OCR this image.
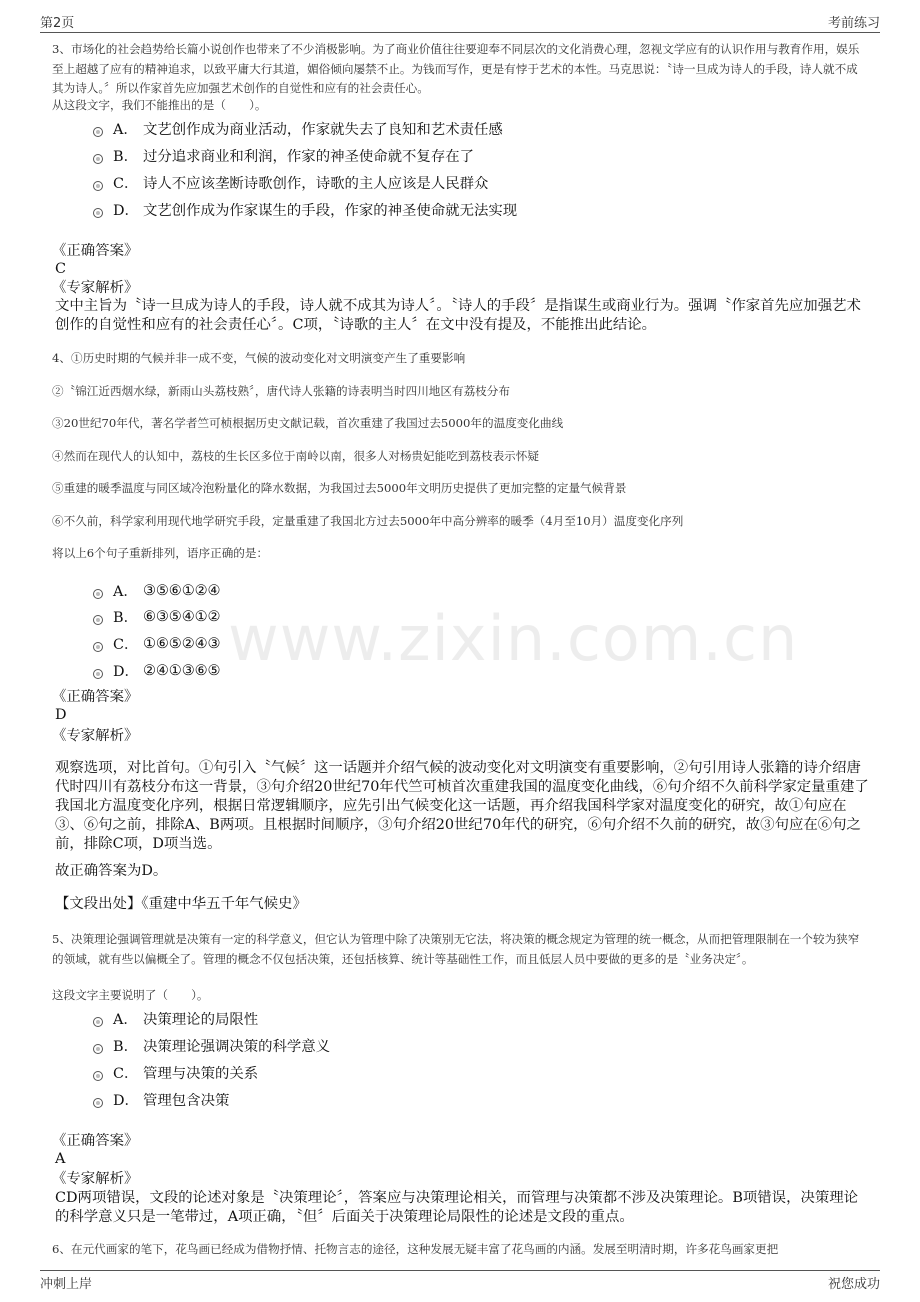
第2页	考前练习
www.zixin.com.cn
3、市场化的社会趋势给长篇小说创作也带来了不少消极影响。为了商业价值往往要迎奉不同层次的文化消费心理，忽视文学应有的认识作用与教育作用，娱乐至上超越了应有的精神追求，以致平庸大行其道，媚俗倾向屡禁不止。为钱而写作，更是有悖于艺术的本性。马克思说：〝诗一旦成为诗人的手段，诗人就不成其为诗人。〞所以作家首先应加强艺术创作的自觉性和应有的社会责任心。
从这段文字，我们不能推出的是（　　）。
A． 文艺创作成为商业活动，作家就失去了良知和艺术责任感
B． 过分追求商业和利润，作家的神圣使命就不复存在了
C． 诗人不应该垄断诗歌创作，诗歌的主人应该是人民群众
D． 文艺创作成为作家谋生的手段，作家的神圣使命就无法实现
《正确答案》
C
《专家解析》
文中主旨为〝诗一旦成为诗人的手段，诗人就不成其为诗人〞。〝诗人的手段〞是指谋生或商业行为。强调〝作家首先应加强艺术创作的自觉性和应有的社会责任心〞。C项，〝诗歌的主人〞在文中没有提及，不能推出此结论。
4、①历史时期的气候并非一成不变，气候的波动变化对文明演变产生了重要影响
②〝锦江近西烟水绿，新雨山头荔枝熟〞，唐代诗人张籍的诗表明当时四川地区有荔枝分布
③20世纪70年代，著名学者竺可桢根据历史文献记载，首次重建了我国过去5000年的温度变化曲线
④然而在现代人的认知中，荔枝的生长区多位于南岭以南，很多人对杨贵妃能吃到荔枝表示怀疑
⑤重建的暖季温度与同区域冷泡粉量化的降水数据，为我国过去5000年文明历史提供了更加完整的定量气候背景
⑥不久前，科学家利用现代地学研究手段，定量重建了我国北方过去5000年中高分辨率的暖季（4月至10月）温度变化序列
将以上6个句子重新排列，语序正确的是：
A． ③⑤⑥①②④
B． ⑥③⑤④①②
C． ①⑥⑤②④③
D． ②④①③⑥⑤
《正确答案》
D
《专家解析》
观察选项，对比首句。①句引入〝气候〞这一话题并介绍气候的波动变化对文明演变有重要影响，②句引用诗人张籍的诗介绍唐代时四川有荔枝分布这一背景，③句介绍20世纪70年代竺可桢首次重建我国的温度变化曲线，⑥句介绍不久前科学家定量重建了我国北方温度变化序列，根据日常逻辑顺序，应先引出气候变化这一话题，再介绍我国科学家对温度变化的研究，故①句应在③、⑥句之前，排除A、B两项。且根据时间顺序，③句介绍20世纪70年代的研究，⑥句介绍不久前的研究，故③句应在⑥句之前，排除C项，D项当选。
故正确答案为D。
【文段出处】《重建中华五千年气候史》
5、决策理论强调管理就是决策有一定的科学意义，但它认为管理中除了决策别无它法，将决策的概念规定为管理的统一概念，从而把管理限制在一个较为狭窄的领域，就有些以偏概全了。管理的概念不仅包括决策，还包括核算、统计等基础性工作，而且低层人员中要做的更多的是〝业务决定〞。
这段文字主要说明了（　　）。
A． 决策理论的局限性
B． 决策理论强调决策的科学意义
C． 管理与决策的关系
D． 管理包含决策
《正确答案》
A
《专家解析》
CD两项错误，文段的论述对象是〝决策理论〞，答案应与决策理论相关，而管理与决策都不涉及决策理论。B项错误，决策理论的科学意义只是一笔带过，A项正确，〝但〞后面关于决策理论局限性的论述是文段的重点。
6、在元代画家的笔下，花鸟画已经成为借物抒情、托物言志的途径，这种发展无疑丰富了花鸟画的内涵。发展至明清时期，许多花鸟画家更把
冲刺上岸	祝您成功
